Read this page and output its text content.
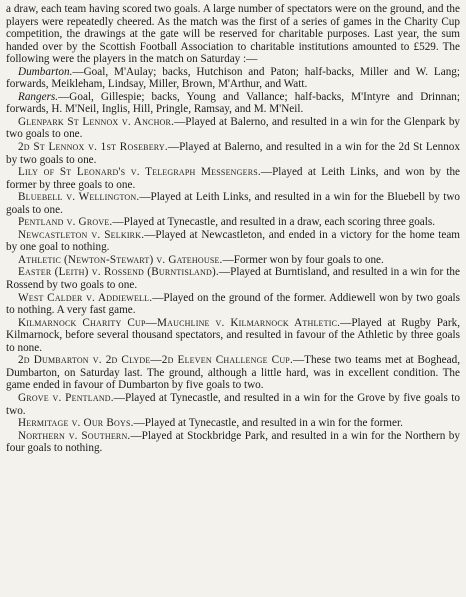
a draw, each team having scored two goals. A large number of spectators were on the ground, and the players were repeatedly cheered. As the match was the first of a series of games in the Charity Cup competition, the drawings at the gate will be reserved for charitable purposes. Last year, the sum handed over by the Scottish Football Association to charitable institutions amounted to £529. The following were the players in the match on Saturday :—

Dumbarton.—Goal, M'Aulay; backs, Hutchison and Paton; half-backs, Miller and W. Lang; forwards, Meikleham, Lindsay, Miller, Brown, M'Arthur, and Watt.

Rangers.—Goal, Gillespie; backs, Young and Vallance; half-backs, M'Intyre and Drinnan; forwards, H. M'Neil, Inglis, Hill, Pringle, Ramsay, and M. M'Neil.

Glenpark St Lennox v. Anchor.—Played at Balerno, and resulted in a win for the Glenpark by two goals to one.

2d St Lennox v. 1st Rosebery.—Played at Balerno, and resulted in a win for the 2d St Lennox by two goals to one.

Lily of St Leonard's v. Telegraph Messengers.—Played at Leith Links, and won by the former by three goals to one.

Bluebell v. Wellington.—Played at Leith Links, and resulted in a win for the Bluebell by two goals to one.

Pentland v. Grove.—Played at Tynecastle, and resulted in a draw, each scoring three goals.

Newcastleton v. Selkirk.—Played at Newcastleton, and ended in a victory for the home team by one goal to nothing.

Athletic (Newton-Stewart) v. Gatehouse.—Former won by four goals to one.

Easter (Leith) v. Rossend (Burntisland).—Played at Burntisland, and resulted in a win for the Rossend by two goals to one.

West Calder v. Addiewell.—Played on the ground of the former. Addiewell won by two goals to nothing. A very fast game.

Kilmarnock Charity Cup—Mauchline v. Kilmarnock Athletic.—Played at Rugby Park, Kilmarnock, before several thousand spectators, and resulted in favour of the Athletic by three goals to none.

2d Dumbarton v. 2d Clyde—2d Eleven Challenge Cup.—These two teams met at Boghead, Dumbarton, on Saturday last. The ground, although a little hard, was in excellent condition. The game ended in favour of Dumbarton by five goals to two.

Grove v. Pentland.—Played at Tynecastle, and resulted in a win for the Grove by five goals to two.

Hermitage v. Our Boys.—Played at Tynecastle, and resulted in a win for the former.

Northern v. Southern.—Played at Stockbridge Park, and resulted in a win for the Northern by four goals to nothing.
